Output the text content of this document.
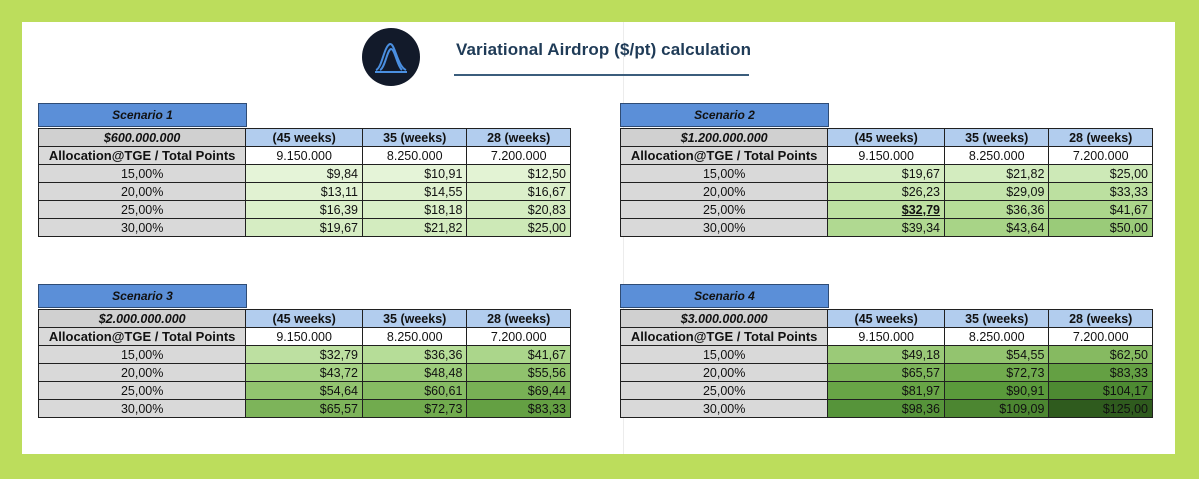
Variational Airdrop ($/pt) calculation
Scenario 1
$600.000.000	(45 weeks)	35 (weeks)	28 (weeks)
Allocation@TGE / Total Points	9.150.000	8.250.000	7.200.000
15,00%	$9,84	$10,91	$12,50
20,00%	$13,11	$14,55	$16,67
25,00%	$16,39	$18,18	$20,83
30,00%	$19,67	$21,82	$25,00
Scenario 2
$1.200.000.000	(45 weeks)	35 (weeks)	28 (weeks)
Allocation@TGE / Total Points	9.150.000	8.250.000	7.200.000
15,00%	$19,67	$21,82	$25,00
20,00%	$26,23	$29,09	$33,33
25,00%	$32,79	$36,36	$41,67
30,00%	$39,34	$43,64	$50,00
Scenario 3
$2.000.000.000	(45 weeks)	35 (weeks)	28 (weeks)
Allocation@TGE / Total Points	9.150.000	8.250.000	7.200.000
15,00%	$32,79	$36,36	$41,67
20,00%	$43,72	$48,48	$55,56
25,00%	$54,64	$60,61	$69,44
30,00%	$65,57	$72,73	$83,33
Scenario 4
$3.000.000.000	(45 weeks)	35 (weeks)	28 (weeks)
Allocation@TGE / Total Points	9.150.000	8.250.000	7.200.000
15,00%	$49,18	$54,55	$62,50
20,00%	$65,57	$72,73	$83,33
25,00%	$81,97	$90,91	$104,17
30,00%	$98,36	$109,09	$125,00
